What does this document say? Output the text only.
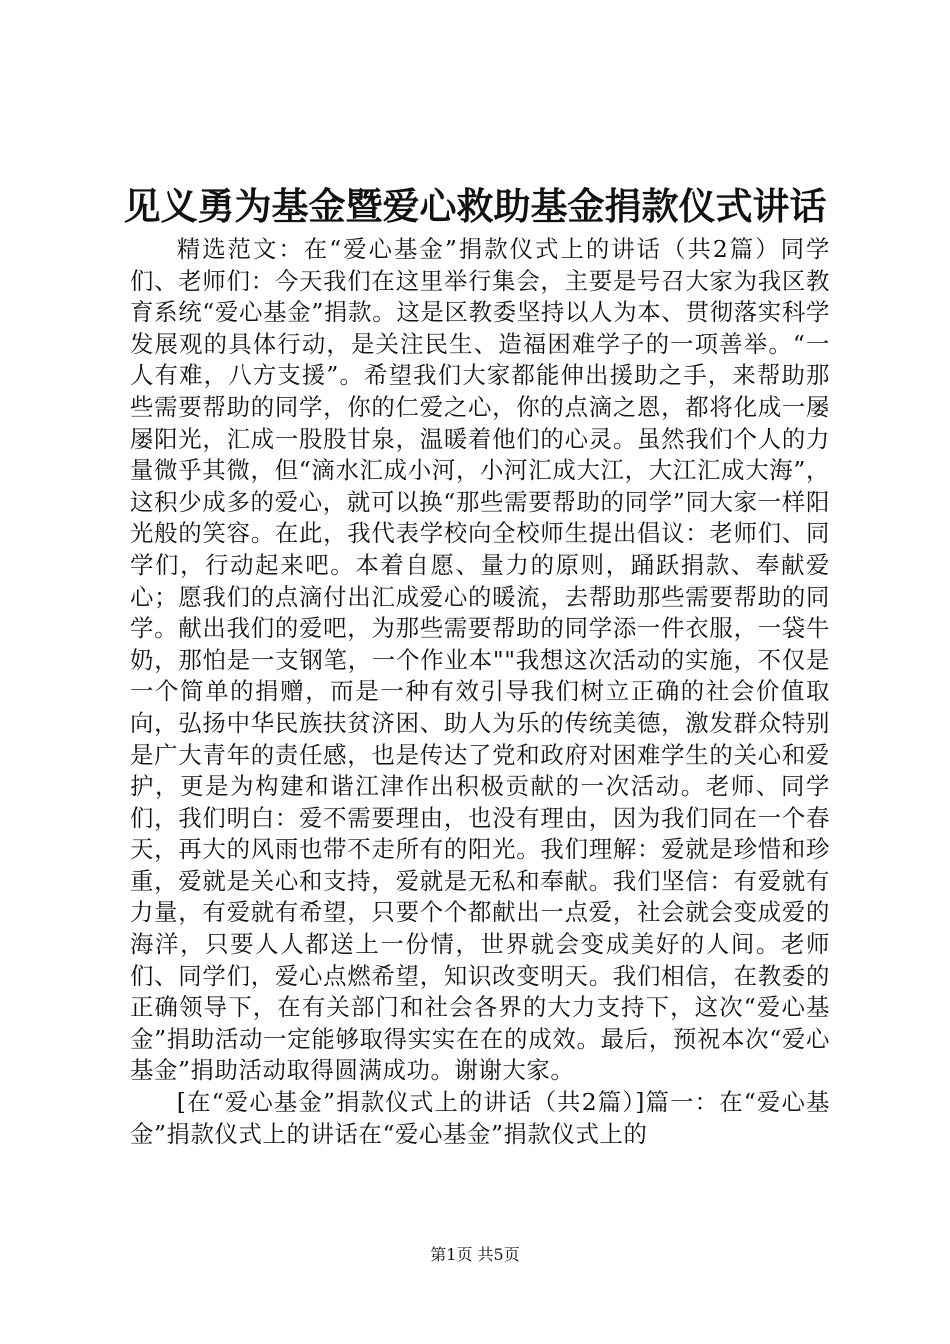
见义勇为基金暨爱心救助基金捐款仪式讲话

精选范文：在“爱心基金”捐款仪式上的讲话（共2篇）同学们、老师们：今天我们在这里举行集会，主要是号召大家为我区教育系统“爱心基金”捐款。这是区教委坚持以人为本、贯彻落实科学发展观的具体行动，是关注民生、造福困难学子的一项善举。“一人有难，八方支援”。希望我们大家都能伸出援助之手，来帮助那些需要帮助的同学，你的仁爱之心，你的点滴之恩，都将化成一屡屡阳光，汇成一股股甘泉，温暖着他们的心灵。虽然我们个人的力量微乎其微，但“滴水汇成小河，小河汇成大江，大江汇成大海”，这积少成多的爱心，就可以换“那些需要帮助的同学”同大家一样阳光般的笑容。在此，我代表学校向全校师生提出倡议：老师们、同学们，行动起来吧。本着自愿、量力的原则，踊跃捐款、奉献爱心；愿我们的点滴付出汇成爱心的暖流，去帮助那些需要帮助的同学。献出我们的爱吧，为那些需要帮助的同学添一件衣服，一袋牛奶，那怕是一支钢笔，一个作业本""我想这次活动的实施，不仅是一个简单的捐赠，而是一种有效引导我们树立正确的社会价值取向，弘扬中华民族扶贫济困、助人为乐的传统美德，激发群众特别是广大青年的责任感，也是传达了党和政府对困难学生的关心和爱护，更是为构建和谐江津作出积极贡献的一次活动。老师、同学们，我们明白：爱不需要理由，也没有理由，因为我们同在一个春天，再大的风雨也带不走所有的阳光。我们理解：爱就是珍惜和珍重，爱就是关心和支持，爱就是无私和奉献。我们坚信：有爱就有力量，有爱就有希望，只要个个都献出一点爱，社会就会变成爱的海洋，只要人人都送上一份情，世界就会变成美好的人间。老师们、同学们，爱心点燃希望，知识改变明天。我们相信，在教委的正确领导下，在有关部门和社会各界的大力支持下，这次“爱心基金”捐助活动一定能够取得实实在在的成效。最后，预祝本次“爱心基金”捐助活动取得圆满成功。谢谢大家。

[在“爱心基金”捐款仪式上的讲话（共2篇）]篇一：在“爱心基金”捐款仪式上的讲话在“爱心基金”捐款仪式上的

第1页 共5页
